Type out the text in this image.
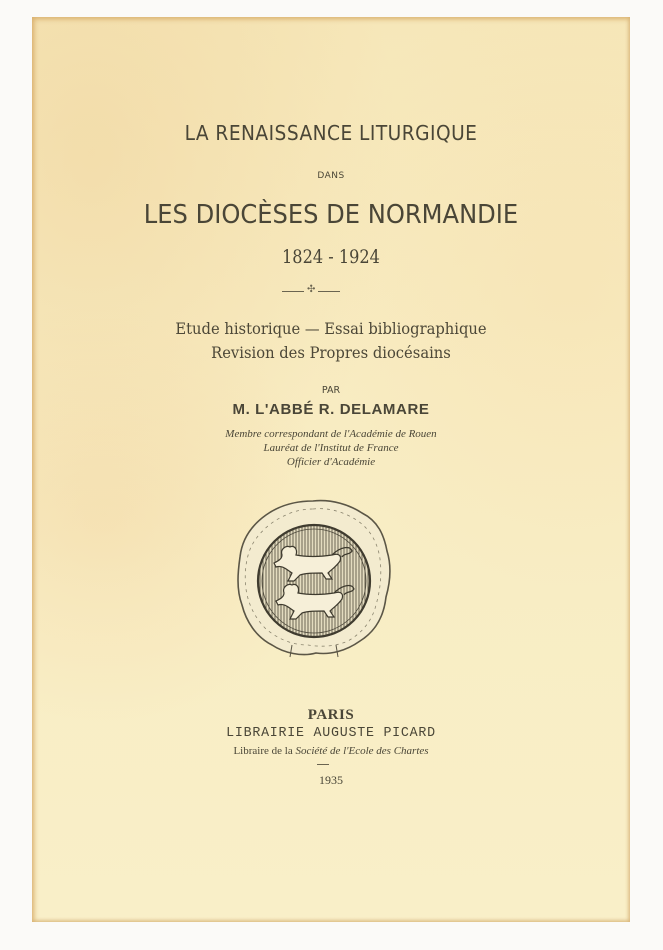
LA RENAISSANCE LITURGIQUE
DANS
LES DIOCÈSES DE NORMANDIE
1824 - 1924
✣
Etude historique — Essai bibliographique
Revision des Propres diocésains
PAR
M. L'ABBÉ R. DELAMARE
Membre correspondant de l'Académie de Rouen
Lauréat de l'Institut de France
Officier d'Académie
PARIS
LIBRAIRIE AUGUSTE PICARD
Libraire de la Société de l'Ecole des Chartes
1935
